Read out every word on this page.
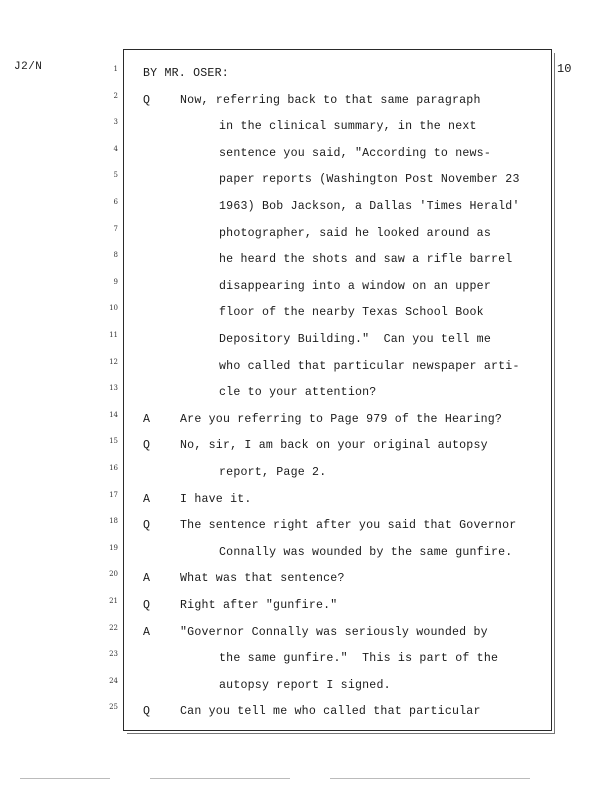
J2/N	10
1 BY MR. OSER:
2 Q	Now, referring back to that same paragraph
3	in the clinical summary, in the next
4	sentence you said, "According to news-
5	paper reports (Washington Post November 23
6	1963) Bob Jackson, a Dallas 'Times Herald'
7	photographer, said he looked around as
8	he heard the shots and saw a rifle barrel
9	disappearing into a window on an upper
10	floor of the nearby Texas School Book
11	Depository Building."  Can you tell me
12	who called that particular newspaper arti-
13	cle to your attention?
14 A	Are you referring to Page 979 of the Hearing?
15 Q	No, sir, I am back on your original autopsy
16	report, Page 2.
17 A	I have it.
18 Q	The sentence right after you said that Governor
19	Connally was wounded by the same gunfire.
20 A	What was that sentence?
21 Q	Right after "gunfire."
22 A	"Governor Connally was seriously wounded by
23	the same gunfire."  This is part of the
24	autopsy report I signed.
25 Q	Can you tell me who called that particular
